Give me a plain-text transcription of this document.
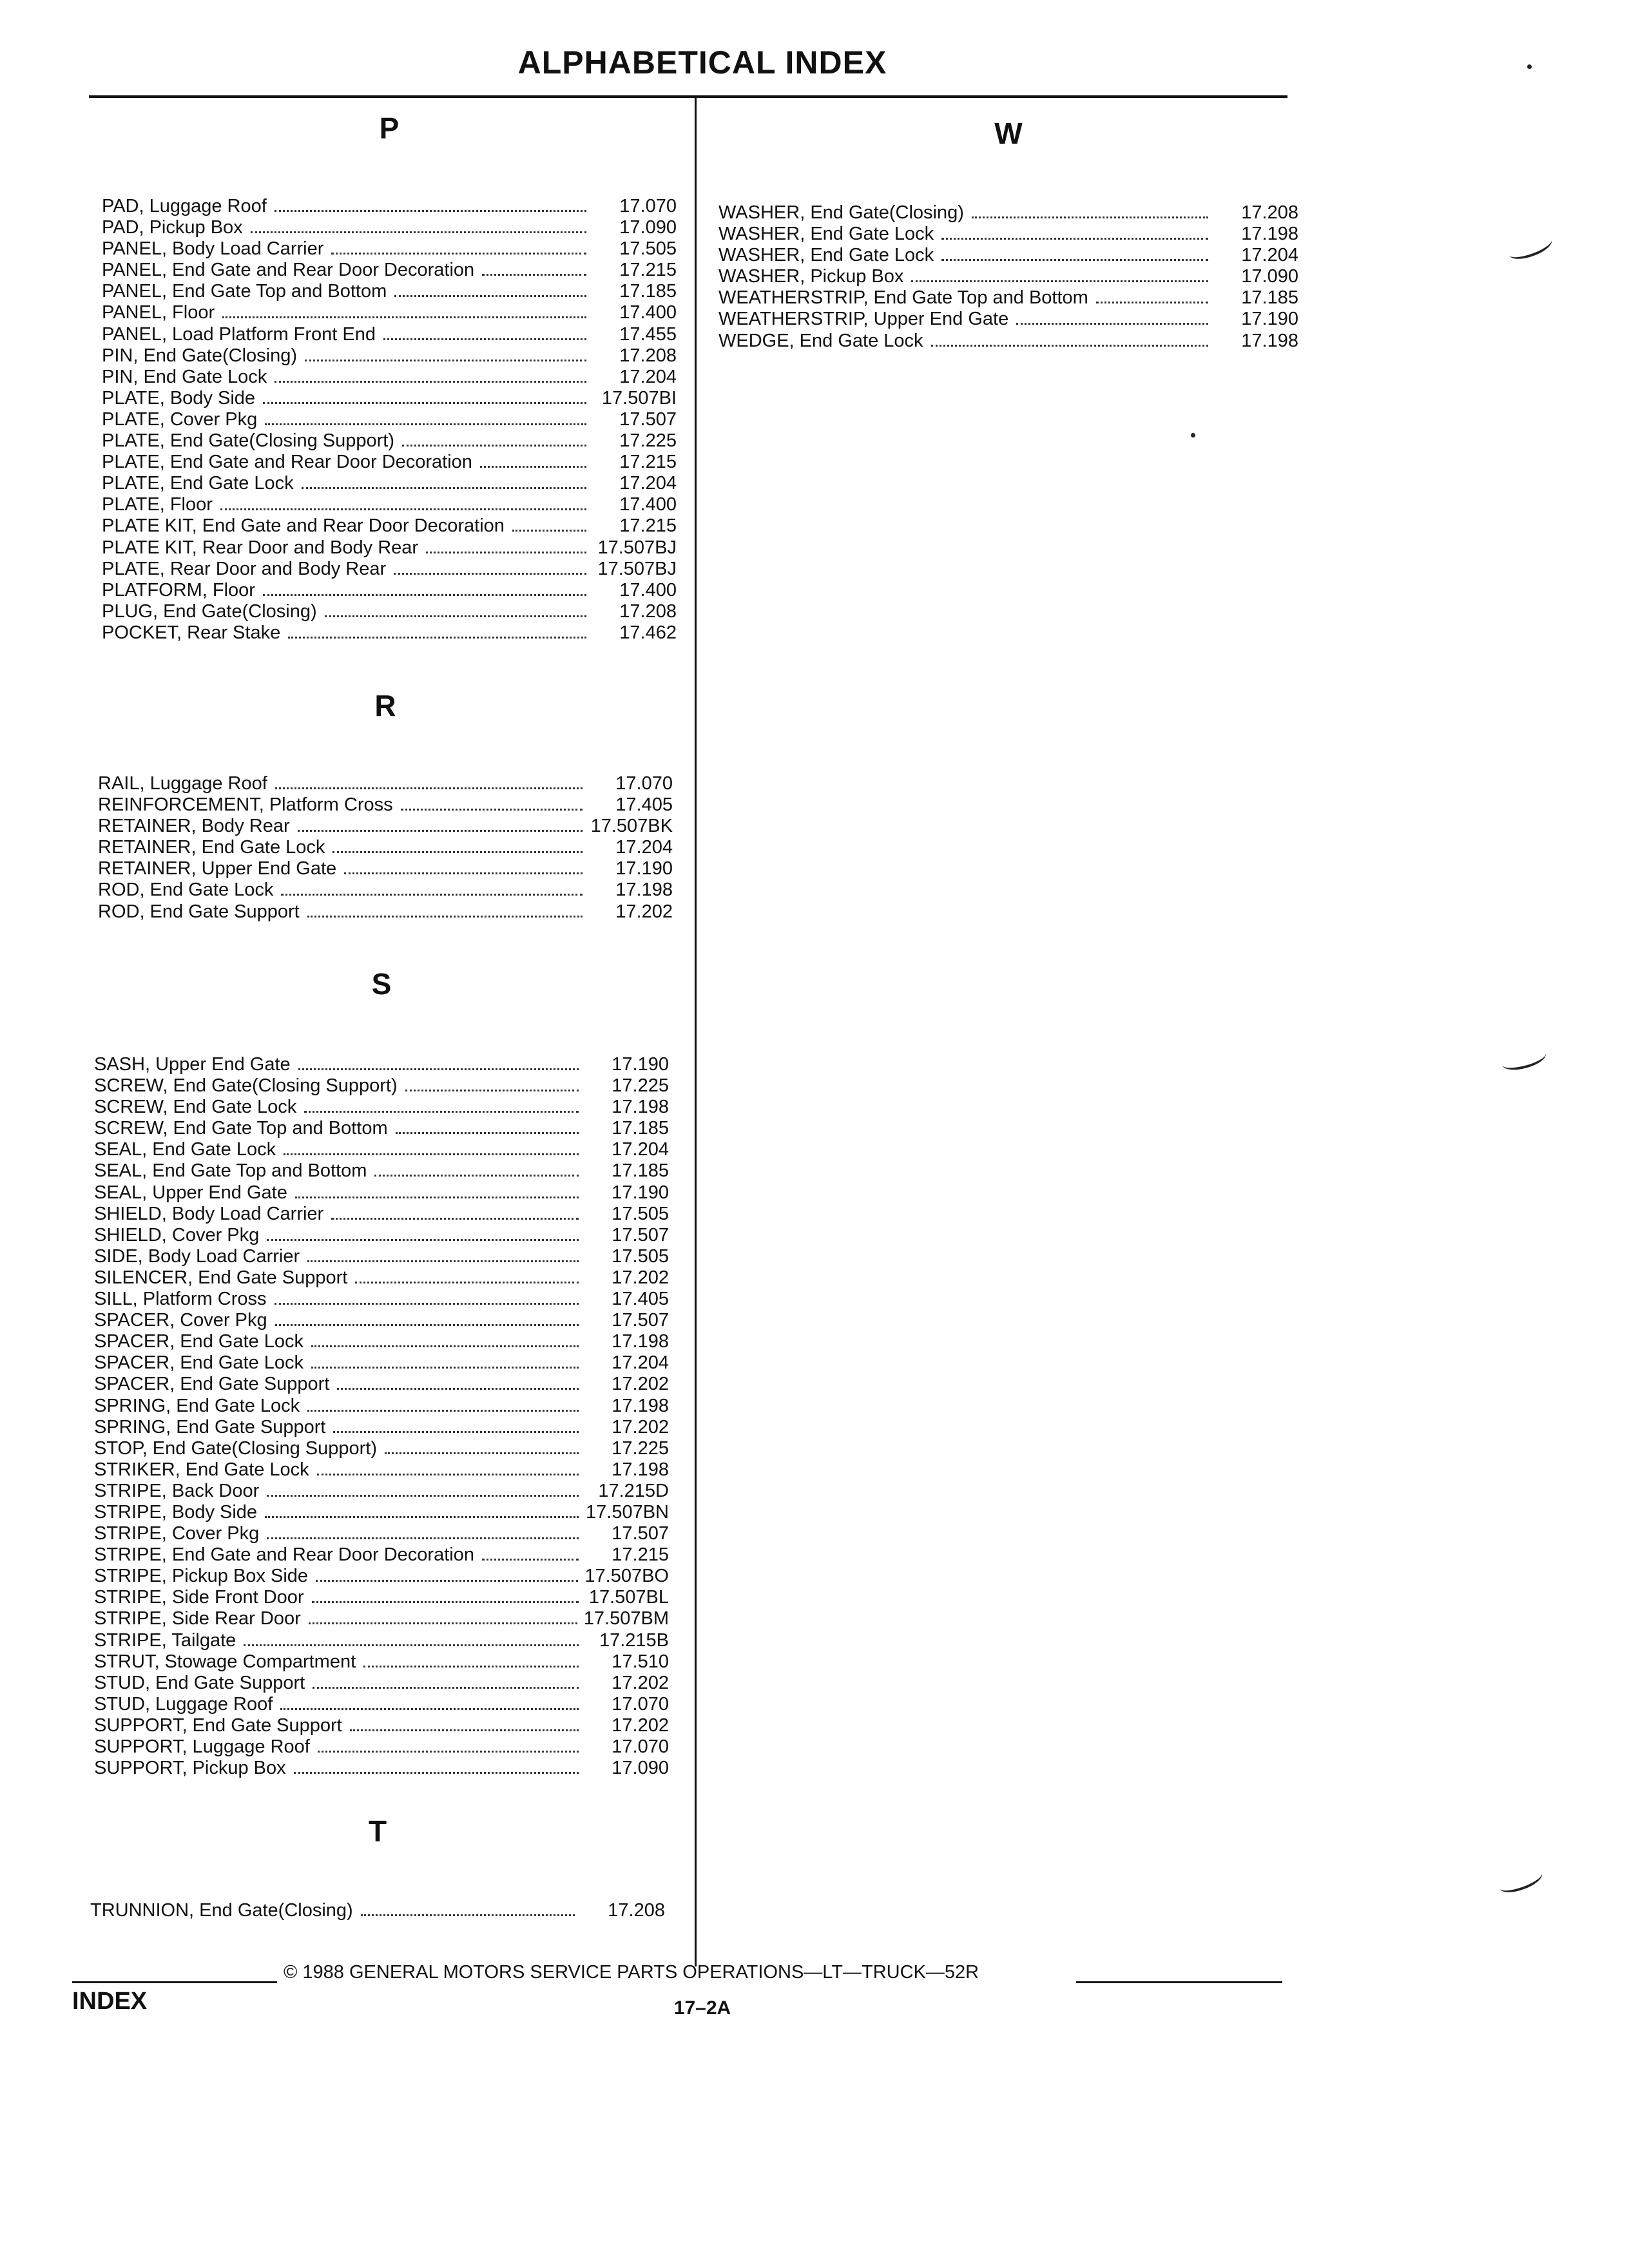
ALPHABETICAL INDEX
P
PAD, Luggage Roof	17.070
PAD, Pickup Box	17.090
PANEL, Body Load Carrier	17.505
PANEL, End Gate and Rear Door Decoration	17.215
PANEL, End Gate Top and Bottom	17.185
PANEL, Floor	17.400
PANEL, Load Platform Front End	17.455
PIN, End Gate(Closing)	17.208
PIN, End Gate Lock	17.204
PLATE, Body Side	17.507BI
PLATE, Cover Pkg	17.507
PLATE, End Gate(Closing Support)	17.225
PLATE, End Gate and Rear Door Decoration	17.215
PLATE, End Gate Lock	17.204
PLATE, Floor	17.400
PLATE KIT, End Gate and Rear Door Decoration	17.215
PLATE KIT, Rear Door and Body Rear	17.507BJ
PLATE, Rear Door and Body Rear	17.507BJ
PLATFORM, Floor	17.400
PLUG, End Gate(Closing)	17.208
POCKET, Rear Stake	17.462
R
RAIL, Luggage Roof	17.070
REINFORCEMENT, Platform Cross	17.405
RETAINER, Body Rear	17.507BK
RETAINER, End Gate Lock	17.204
RETAINER, Upper End Gate	17.190
ROD, End Gate Lock	17.198
ROD, End Gate Support	17.202
S
SASH, Upper End Gate	17.190
SCREW, End Gate(Closing Support)	17.225
SCREW, End Gate Lock	17.198
SCREW, End Gate Top and Bottom	17.185
SEAL, End Gate Lock	17.204
SEAL, End Gate Top and Bottom	17.185
SEAL, Upper End Gate	17.190
SHIELD, Body Load Carrier	17.505
SHIELD, Cover Pkg	17.507
SIDE, Body Load Carrier	17.505
SILENCER, End Gate Support	17.202
SILL, Platform Cross	17.405
SPACER, Cover Pkg	17.507
SPACER, End Gate Lock	17.198
SPACER, End Gate Lock	17.204
SPACER, End Gate Support	17.202
SPRING, End Gate Lock	17.198
SPRING, End Gate Support	17.202
STOP, End Gate(Closing Support)	17.225
STRIKER, End Gate Lock	17.198
STRIPE, Back Door	17.215D
STRIPE, Body Side	17.507BN
STRIPE, Cover Pkg	17.507
STRIPE, End Gate and Rear Door Decoration	17.215
STRIPE, Pickup Box Side	17.507BO
STRIPE, Side Front Door	17.507BL
STRIPE, Side Rear Door	17.507BM
STRIPE, Tailgate	17.215B
STRUT, Stowage Compartment	17.510
STUD, End Gate Support	17.202
STUD, Luggage Roof	17.070
SUPPORT, End Gate Support	17.202
SUPPORT, Luggage Roof	17.070
SUPPORT, Pickup Box	17.090
T
TRUNNION, End Gate(Closing)	17.208
W
WASHER, End Gate(Closing)	17.208
WASHER, End Gate Lock	17.198
WASHER, End Gate Lock	17.204
WASHER, Pickup Box	17.090
WEATHERSTRIP, End Gate Top and Bottom	17.185
WEATHERSTRIP, Upper End Gate	17.190
WEDGE, End Gate Lock	17.198
© 1988 GENERAL MOTORS SERVICE PARTS OPERATIONS—LT—TRUCK—52R
INDEX	17–2A
